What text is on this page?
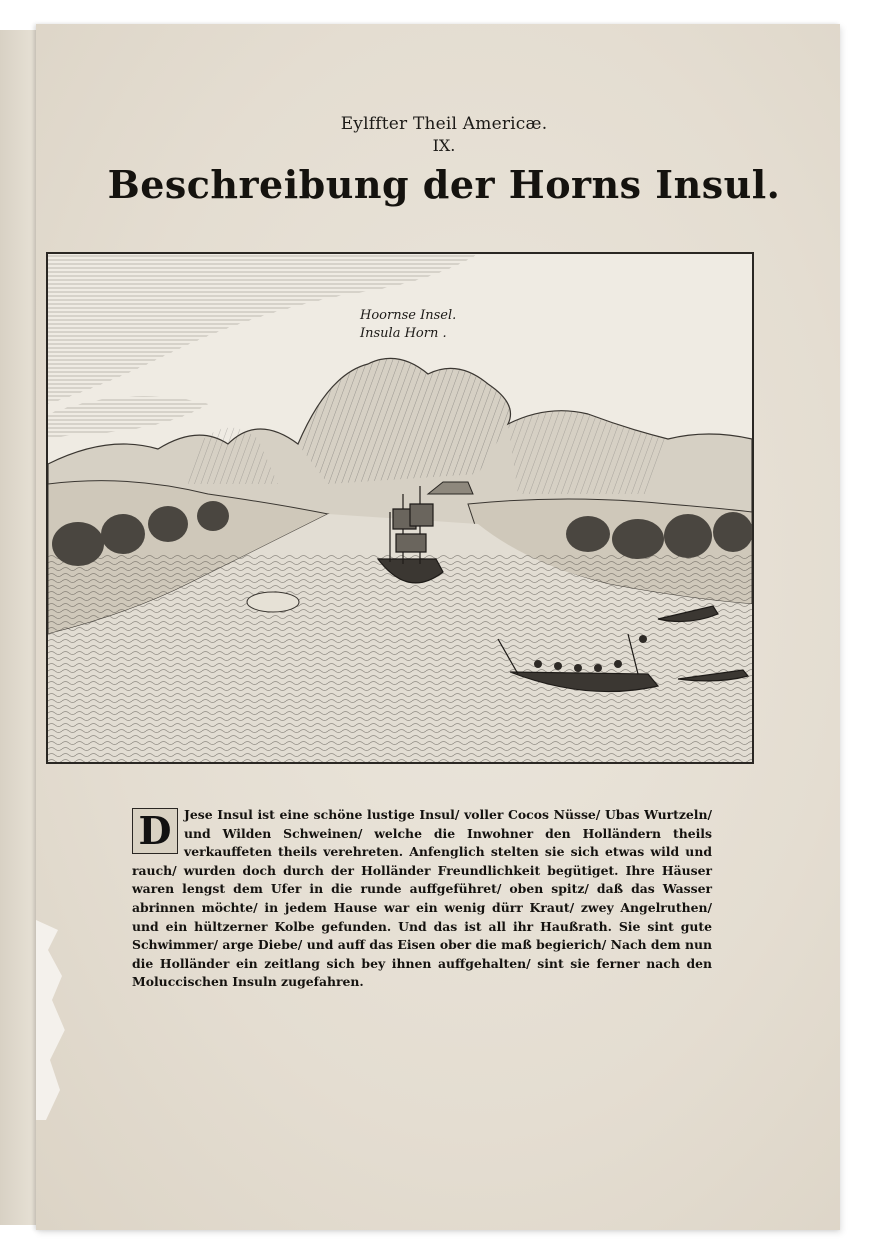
Eylffter Theil Americæ.
IX.
Beschreibung der Horns Insul.
Hoornse Insel.
Insula Horn .
D	Jese Insul ist eine schöne lustige Insul/ voller Cocos Nüsse/ Ubas Wurtzeln/ und Wilden Schweinen/ welche die Inwohner den Holländern theils verkauffeten theils verehreten. Anfenglich stelten sie sich etwas wild und rauch/ wurden doch durch der Holländer Freundlichkeit begütiget. Ihre Häuser waren lengst dem Ufer in die runde auffgeführet/ oben spitz/ daß das Wasser abrinnen möchte/ in jedem Hause war ein wenig dürr Kraut/ zwey Angelruthen/ und ein hültzerner Kolbe gefunden. Und das ist all ihr Haußrath. Sie sint gute Schwimmer/ arge Diebe/ und auff das Eisen ober die maß begierich/ Nach dem nun die Holländer ein zeitlang sich bey ihnen auffgehalten/ sint sie ferner nach den Moluccischen Insuln zugefahren.
